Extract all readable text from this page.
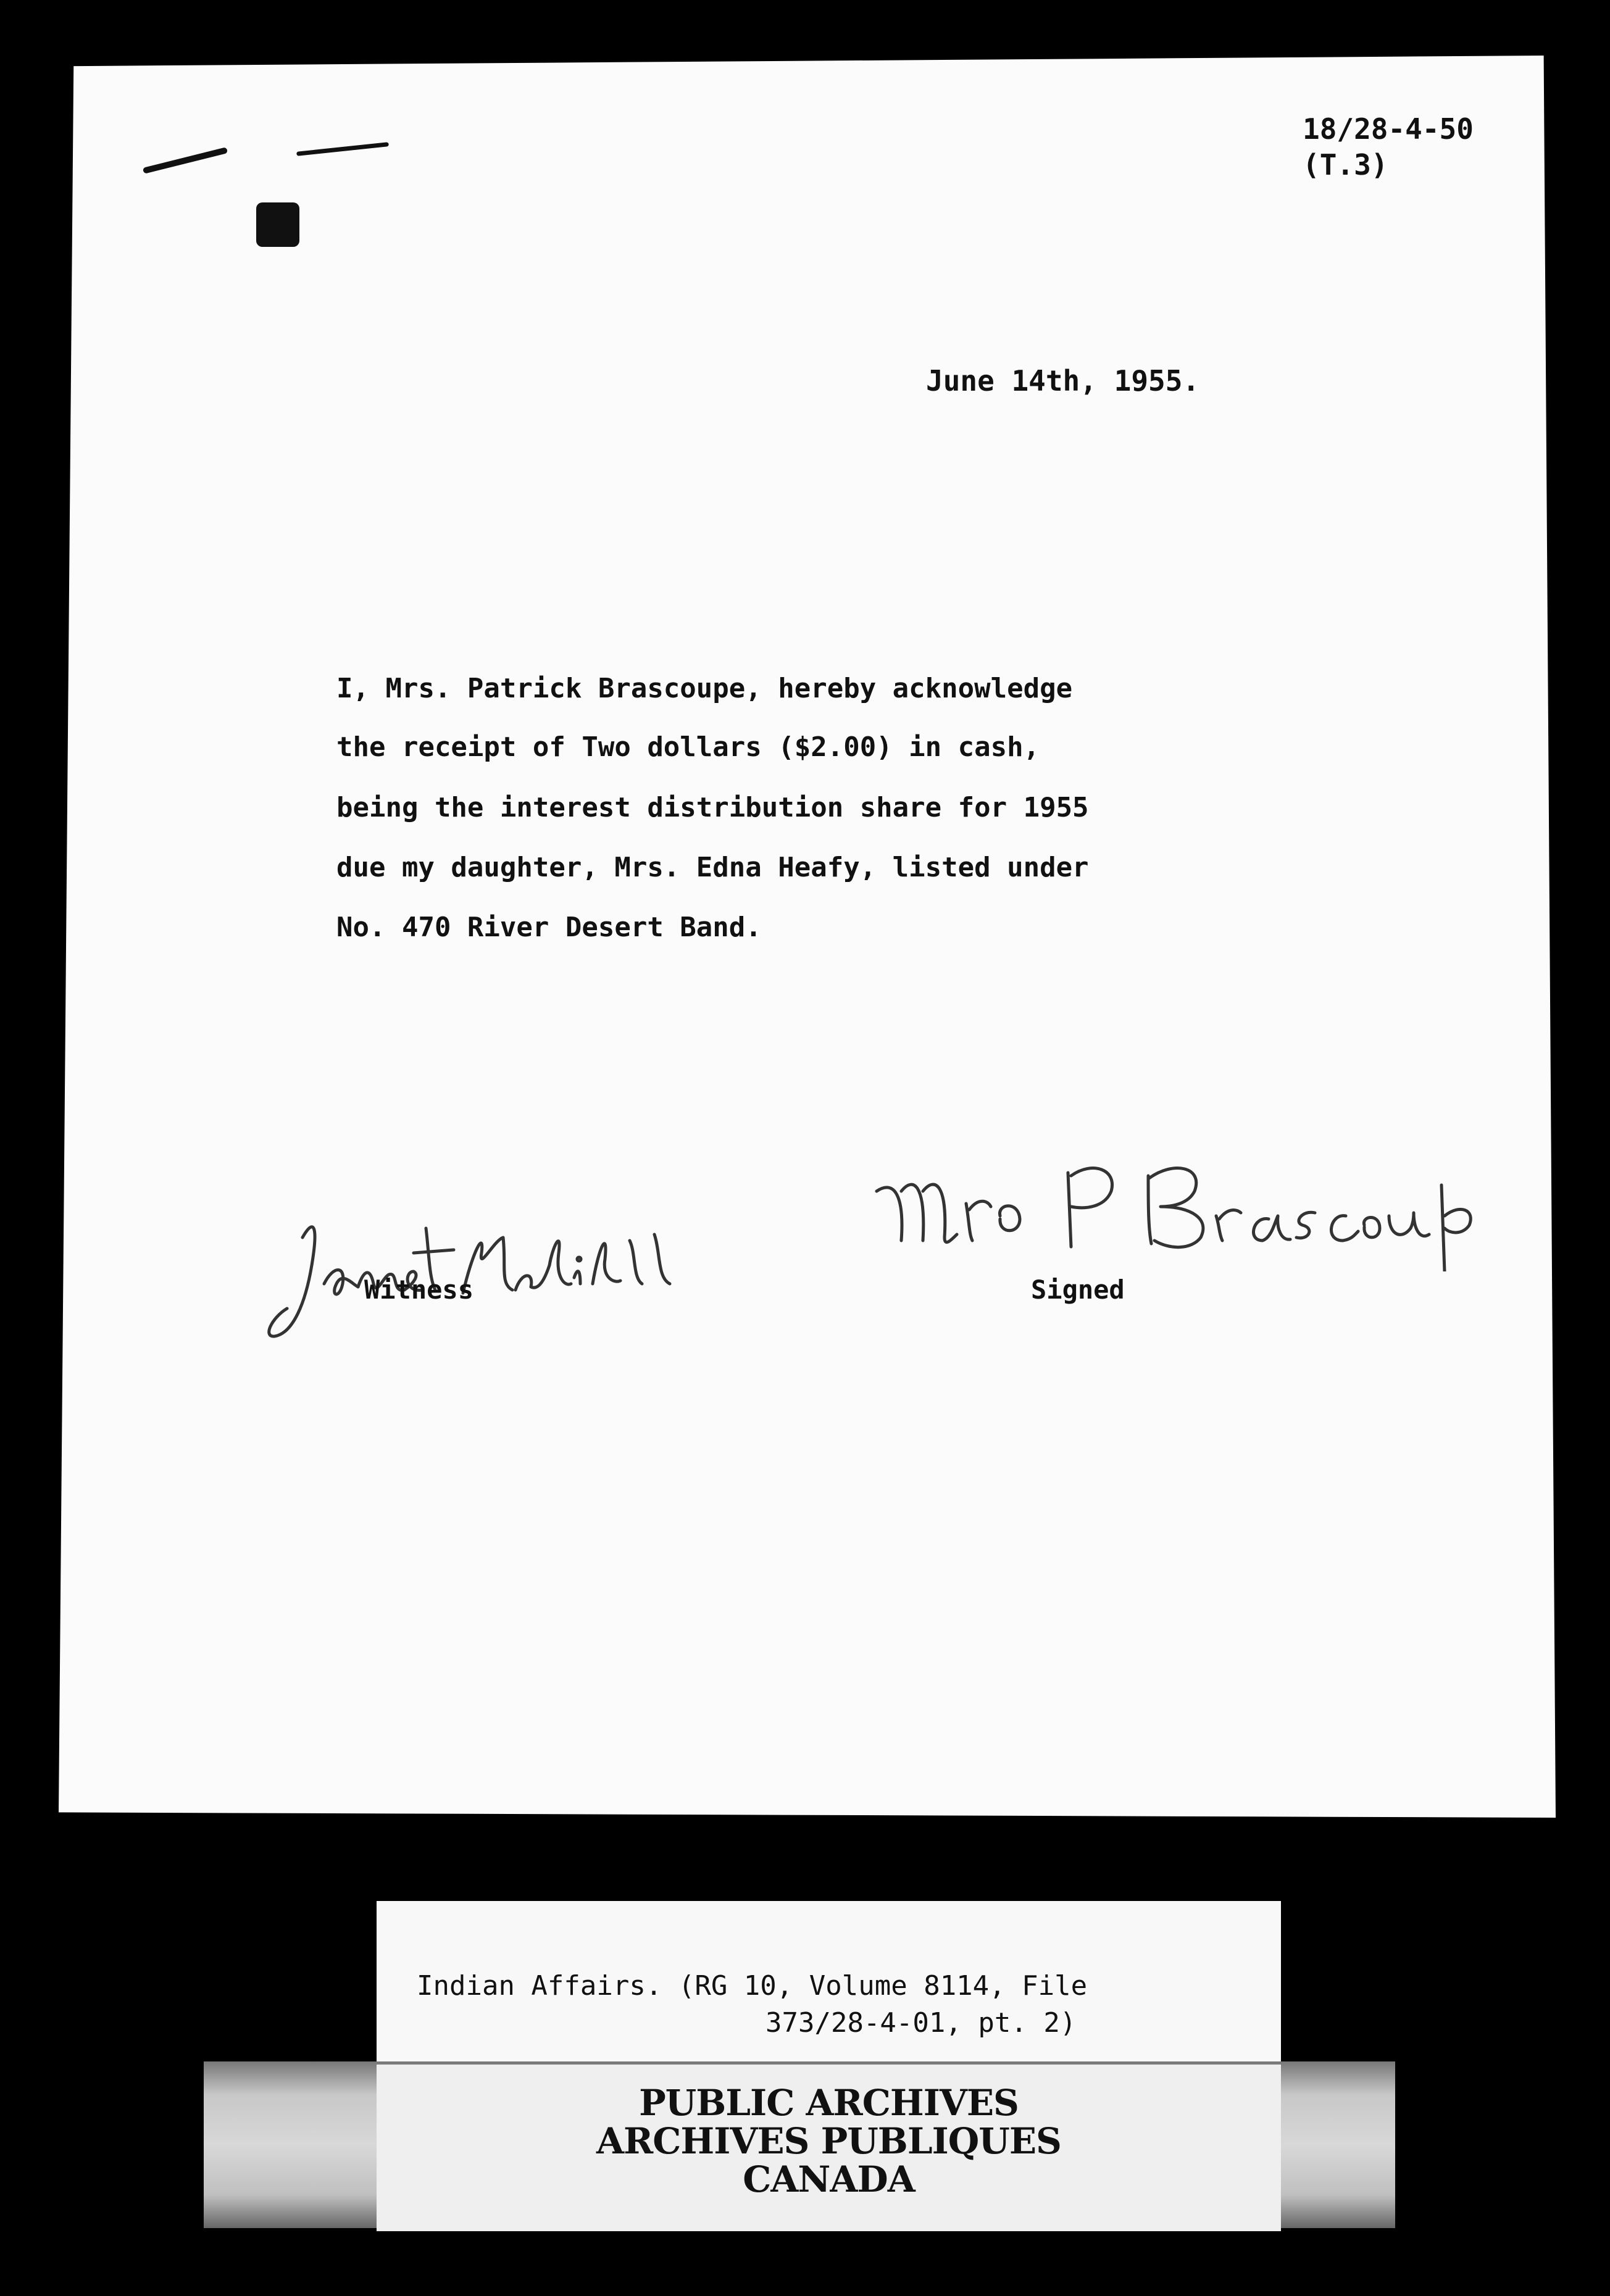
18/28-4-50
(T.3)
June 14th, 1955.
I, Mrs. Patrick Brascoupe, hereby acknowledge
the receipt of Two dollars ($2.00) in cash,
being the interest distribution share for 1955
due my daughter, Mrs. Edna Heafy, listed under
No. 470 River Desert Band.
Witness	Signed
Indian Affairs. (RG 10, Volume 8114, File
373/28-4-01, pt. 2)
PUBLIC ARCHIVES
ARCHIVES PUBLIQUES
CANADA
